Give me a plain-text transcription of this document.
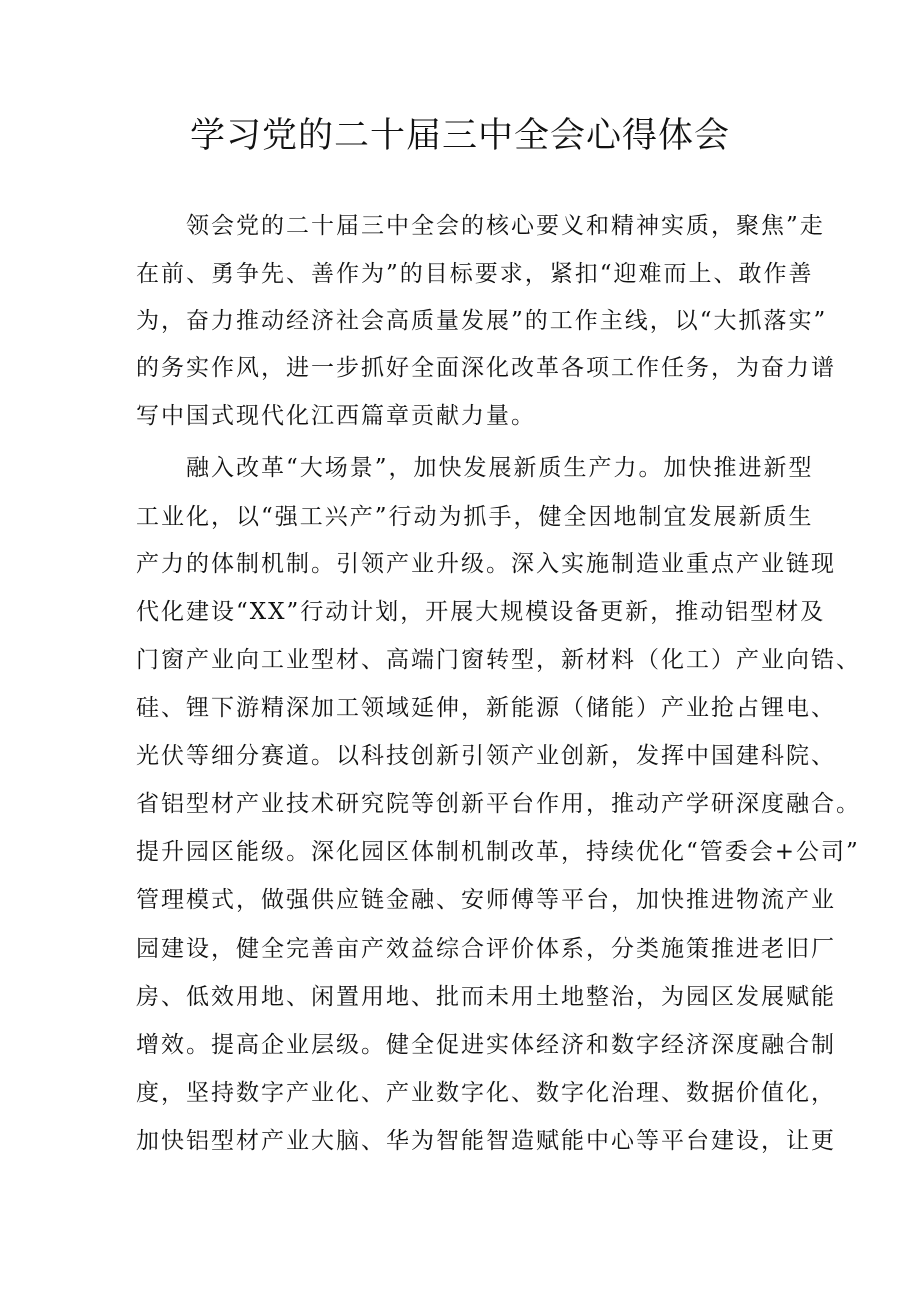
学习党的二十届三中全会心得体会
　　领会党的二十届三中全会的核心要义和精神实质，聚焦”走
在前、勇争先、善作为”的目标要求，紧扣“迎难而上、敢作善
为，奋力推动经济社会高质量发展”的工作主线，以“大抓落实”
的务实作风，进一步抓好全面深化改革各项工作任务，为奋力谱
写中国式现代化江西篇章贡献力量。
　　融入改革“大场景”，加快发展新质生产力。加快推进新型
工业化，以“强工兴产”行动为抓手，健全因地制宜发展新质生
产力的体制机制。引领产业升级。深入实施制造业重点产业链现
代化建设“XX”行动计划，开展大规模设备更新，推动铝型材及
门窗产业向工业型材、高端门窗转型，新材料（化工）产业向锆、
硅、锂下游精深加工领域延伸，新能源（储能）产业抢占锂电、
光伏等细分赛道。以科技创新引领产业创新，发挥中国建科院、
省铝型材产业技术研究院等创新平台作用，推动产学研深度融合。
提升园区能级。深化园区体制机制改革，持续优化“管委会+公司”
管理模式，做强供应链金融、安师傅等平台，加快推进物流产业
园建设，健全完善亩产效益综合评价体系，分类施策推进老旧厂
房、低效用地、闲置用地、批而未用土地整治，为园区发展赋能
增效。提高企业层级。健全促进实体经济和数字经济深度融合制
度，坚持数字产业化、产业数字化、数字化治理、数据价值化，
加快铝型材产业大脑、华为智能智造赋能中心等平台建设，让更
